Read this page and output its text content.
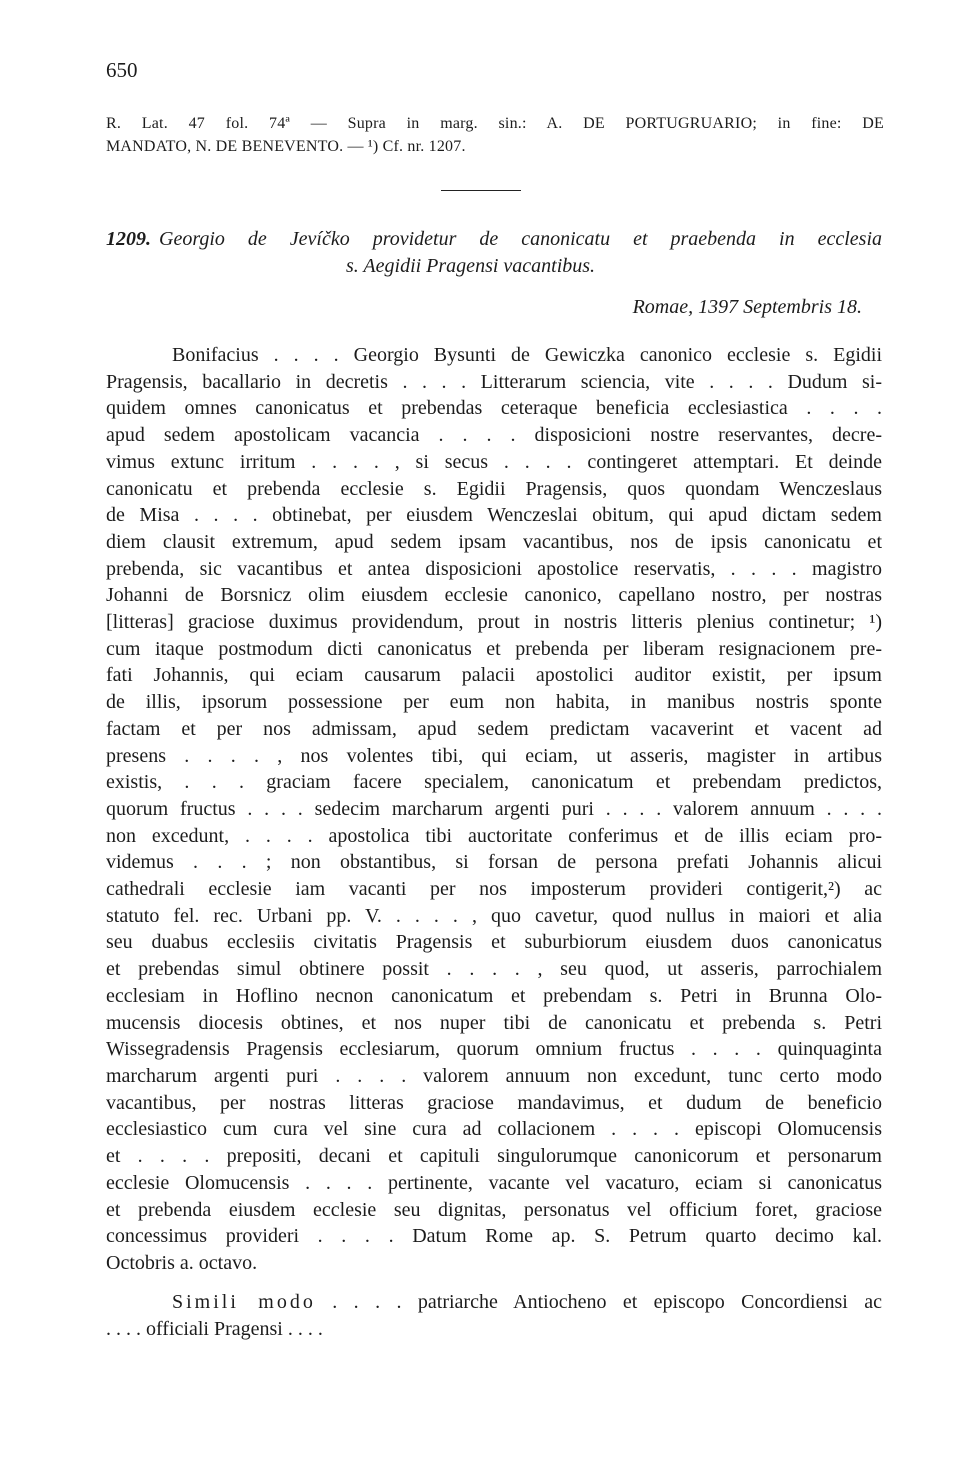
650
R. Lat. 47 fol. 74ª — Supra in marg. sin.: A. DE PORTUGRUARIO; in fine: DE
MANDATO, N. DE BENEVENTO. — ¹) Cf. nr. 1207.
1209. Georgio de Jevíčko providetur de canonicatu et praebenda in ecclesia
s. Aegidii Pragensi vacantibus.
Romae, 1397 Septembris 18.
Bonifacius . . . . Georgio Bysunti de Gewiczka canonico ecclesie s. Egidii
Pragensis, bacallario in decretis . . . . Litterarum sciencia, vite . . . . Dudum si-
quidem omnes canonicatus et prebendas ceteraque beneficia ecclesiastica . . . .
apud sedem apostolicam vacancia . . . . disposicioni nostre reservantes, decre-
vimus extunc irritum . . . . , si secus . . . . contingeret attemptari. Et deinde
canonicatu et prebenda ecclesie s. Egidii Pragensis, quos quondam Wenczeslaus
de Misa . . . . obtinebat, per eiusdem Wenczeslai obitum, qui apud dictam sedem
diem clausit extremum, apud sedem ipsam vacantibus, nos de ipsis canonicatu et
prebenda, sic vacantibus et antea disposicioni apostolice reservatis, . . . . magistro
Johanni de Borsnicz olim eiusdem ecclesie canonico, capellano nostro, per nostras
[litteras] graciose duximus providendum, prout in nostris litteris plenius continetur; ¹)
cum itaque postmodum dicti canonicatus et prebenda per liberam resignacionem pre-
fati Johannis, qui eciam causarum palacii apostolici auditor existit, per ipsum
de illis, ipsorum possessione per eum non habita, in manibus nostris sponte
factam et per nos admissam, apud sedem predictam vacaverint et vacent ad
presens . . . . , nos volentes tibi, qui eciam, ut asseris, magister in artibus
existis, . . . graciam facere specialem, canonicatum et prebendam predictos,
quorum fructus . . . . sedecim marcharum argenti puri . . . . valorem annuum . . . .
non excedunt, . . . . apostolica tibi auctoritate conferimus et de illis eciam pro-
videmus . . . ; non obstantibus, si forsan de persona prefati Johannis alicui
cathedrali ecclesie iam vacanti per nos imposterum provideri contigerit,²) ac
statuto fel. rec. Urbani pp. V. . . . . , quo cavetur, quod nullus in maiori et alia
seu duabus ecclesiis civitatis Pragensis et suburbiorum eiusdem duos canonicatus
et prebendas simul obtinere possit . . . . , seu quod, ut asseris, parrochialem
ecclesiam in Hoflino necnon canonicatum et prebendam s. Petri in Brunna Olo-
mucensis diocesis obtines, et nos nuper tibi de canonicatu et prebenda s. Petri
Wissegradensis Pragensis ecclesiarum, quorum omnium fructus . . . . quinquaginta
marcharum argenti puri . . . . valorem annuum non excedunt, tunc certo modo
vacantibus, per nostras litteras graciose mandavimus, et dudum de beneficio
ecclesiastico cum cura vel sine cura ad collacionem . . . . episcopi Olomucensis
et . . . . prepositi, decani et capituli singulorumque canonicorum et personarum
ecclesie Olomucensis . . . . pertinente, vacante vel vacaturo, eciam si canonicatus
et prebenda eiusdem ecclesie seu dignitas, personatus vel officium foret, graciose
concessimus provideri . . . . Datum Rome ap. S. Petrum quarto decimo kal.
Octobris a. octavo.
Simili modo . . . . patriarche Antiocheno et episcopo Concordiensi ac
. . . . officiali Pragensi . . . .
